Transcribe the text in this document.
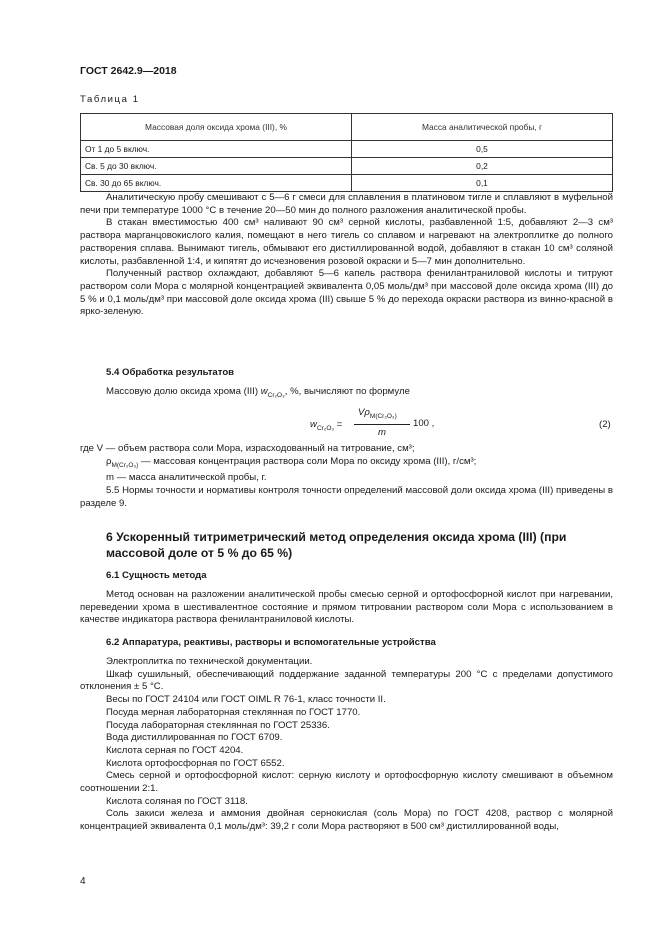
ГОСТ 2642.9—2018
Таблица 1
Массовая доля оксида хрома (III), %	Масса аналитической пробы, г
От 1 до 5 включ.	0,5
Св. 5 до 30 включ.	0,2
Св. 30 до 65 включ.	0,1

Аналитическую пробу смешивают с 5—6 г смеси для сплавления в платиновом тигле и сплавляют в муфельной печи при температуре 1000 °С в течение 20—50 мин до полного разложения аналитической пробы.

В стакан вместимостью 400 см³ наливают 90 см³ серной кислоты, разбавленной 1:5, добавляют 2—3 см³ раствора марганцовокислого калия, помещают в него тигель со сплавом и нагревают на электроплитке до полного растворения сплава. Вынимают тигель, обмывают его дистиллированной водой, добавляют в стакан 10 см³ соляной кислоты, разбавленной 1:4, и кипятят до исчезновения розовой окраски и 5—7 мин дополнительно.

Полученный раствор охлаждают, добавляют 5—6 капель раствора фенилантраниловой кислоты и титруют раствором соли Мора с молярной концентрацией эквивалента 0,05 моль/дм³ при массовой доле оксида хрома (III) до 5 % и 0,1 моль/дм³ при массовой доле оксида хрома (III) свыше 5 % до перехода окраски раствора из винно-красной в ярко-зеленую.

5.4 Обработка результатов
Массовую долю оксида хрома (III) $w_{Cr_2O_3}$, %, вычисляют по формуле
$w_{Cr_2O_3}$ =
$V\rho_{M(Cr_2O_3)}$
100 ,
m
(2)

где V — объем раствора соли Мора, израсходованный на титрование, см³;

$\rho_{M(Cr_2O_3)}$ — массовая концентрация раствора соли Мора по оксиду хрома (III), г/см³;

m — масса аналитической пробы, г.

5.5 Нормы точности и нормативы контроля точности определений массовой доли оксида хрома (III) приведены в разделе 9.

6 Ускоренный титриметрический метод определения оксида хрома (III) (при массовой доле от 5 % до 65 %)
6.1 Сущность метода
Метод основан на разложении аналитической пробы смесью серной и ортофосфорной кислот при нагревании, переведении хрома в шестивалентное состояние и прямом титровании раствором соли Мора с использованием в качестве индикатора раствора фенилантраниловой кислоты.
6.2 Аппаратура, реактивы, растворы и вспомогательные устройства

Электроплитка по технической документации.

Шкаф сушильный, обеспечивающий поддержание заданной температуры 200 °С с пределами допустимого отклонения ± 5 °С.

Весы по ГОСТ 24104 или ГОСТ OIML R 76-1, класс точности II.

Посуда мерная лабораторная стеклянная по ГОСТ 1770.

Посуда лабораторная стеклянная по ГОСТ 25336.

Вода дистиллированная по ГОСТ 6709.

Кислота серная по ГОСТ 4204.

Кислота ортофосфорная по ГОСТ 6552.

Смесь серной и ортофосфорной кислот: серную кислоту и ортофосфорную кислоту смешивают в объемном соотношении 2:1.

Кислота соляная по ГОСТ 3118.

Соль закиси железа и аммония двойная сернокислая (соль Мора) по ГОСТ 4208, раствор с молярной концентрацией эквивалента 0,1 моль/дм³: 39,2 г соли Мора растворяют в 500 см³ дистиллированной воды,

4
